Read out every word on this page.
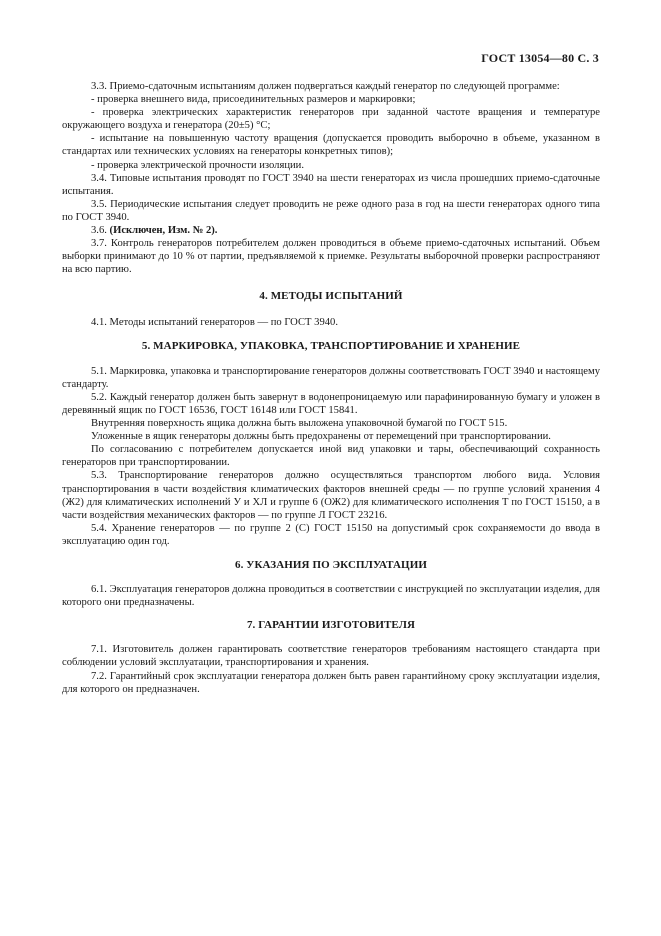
ГОСТ 13054—80 С. 3

3.3. Приемо-сдаточным испытаниям должен подвергаться каждый генератор по следующей программе:

- проверка внешнего вида, присоединительных размеров и маркировки;

- проверка электрических характеристик генераторов при заданной частоте вращения и температуре окружающего воздуха и генератора (20±5) °С;

- испытание на повышенную частоту вращения (допускается проводить выборочно в объеме, указанном в стандартах или технических условиях на генераторы конкретных типов);

- проверка электрической прочности изоляции.

3.4. Типовые испытания проводят по ГОСТ 3940 на шести генераторах из числа прошедших приемо-сдаточные испытания.

3.5. Периодические испытания следует проводить не реже одного раза в год на шести генераторах одного типа по ГОСТ 3940.

3.6. (Исключен, Изм. № 2).

3.7. Контроль генераторов потребителем должен проводиться в объеме приемо-сдаточных испытаний. Объем выборки принимают до 10 % от партии, предъявляемой к приемке. Результаты выборочной проверки распространяют на всю партию.

4. МЕТОДЫ ИСПЫТАНИЙ

4.1. Методы испытаний генераторов — по ГОСТ 3940.

5. МАРКИРОВКА, УПАКОВКА, ТРАНСПОРТИРОВАНИЕ И ХРАНЕНИЕ

5.1. Маркировка, упаковка и транспортирование генераторов должны соответствовать ГОСТ 3940 и настоящему стандарту.

5.2. Каждый генератор должен быть завернут в водонепроницаемую или парафинированную бумагу и уложен в деревянный ящик по ГОСТ 16536, ГОСТ 16148 или ГОСТ 15841.

Внутренняя поверхность ящика должна быть выложена упаковочной бумагой по ГОСТ 515.

Уложенные в ящик генераторы должны быть предохранены от перемещений при транспортировании.

По согласованию с потребителем допускается иной вид упаковки и тары, обеспечивающий сохранность генераторов при транспортировании.

5.3. Транспортирование генераторов должно осуществляться транспортом любого вида. Условия транспортирования в части воздействия климатических факторов внешней среды — по группе условий хранения 4 (Ж2) для климатических исполнений У и ХЛ и группе 6 (ОЖ2) для климатического исполнения Т по ГОСТ 15150, а в части воздействия механических факторов — по группе Л ГОСТ 23216.

5.4. Хранение генераторов — по группе 2 (С) ГОСТ 15150 на допустимый срок сохраняемости до ввода в эксплуатацию один год.

6. УКАЗАНИЯ ПО ЭКСПЛУАТАЦИИ

6.1. Эксплуатация генераторов должна проводиться в соответствии с инструкцией по эксплуатации изделия, для которого они предназначены.

7. ГАРАНТИИ ИЗГОТОВИТЕЛЯ

7.1. Изготовитель должен гарантировать соответствие генераторов требованиям настоящего стандарта при соблюдении условий эксплуатации, транспортирования и хранения.

7.2. Гарантийный срок эксплуатации генератора должен быть равен гарантийному сроку эксплуатации изделия, для которого он предназначен.
